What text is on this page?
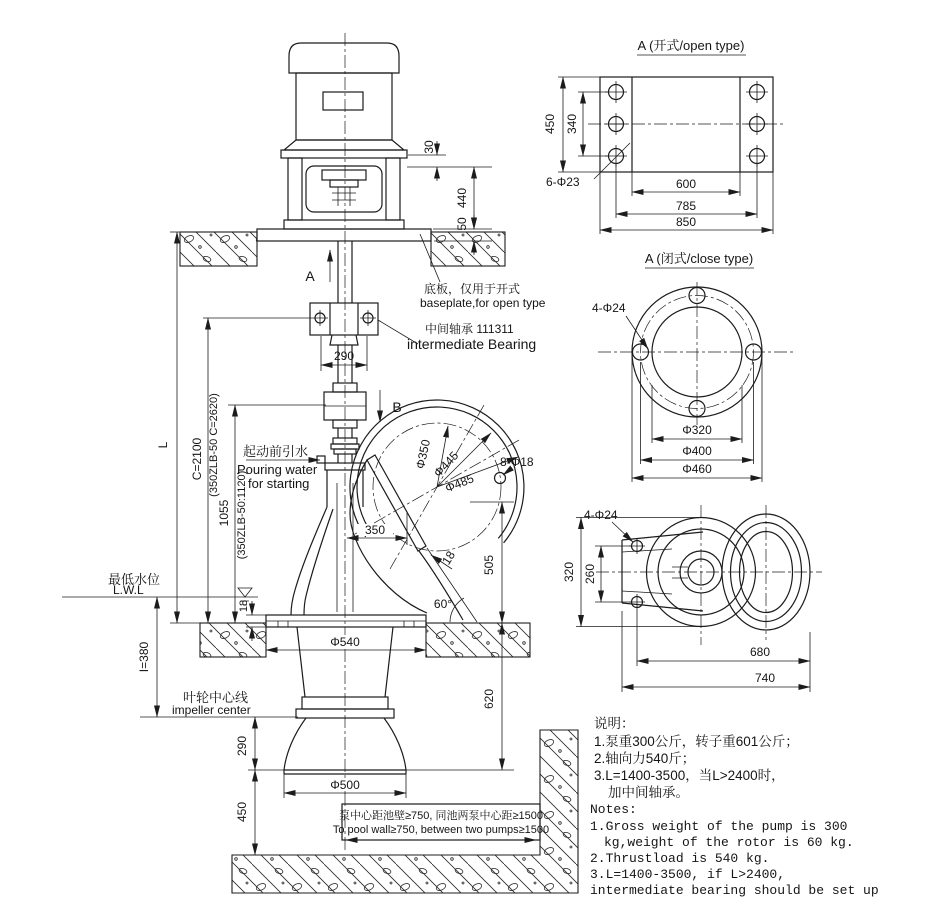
Φ350
Φ445
Φ485
8-Φ18
A
B
底板，仅用于开式
baseplate,for open type
中间轴承 111311
intermediate Bearing
起动前引水
Pouring water
for starting
最低水位
L.W.L
叶轮中心线
impeller center
泵中心距池壁≥750, 同池两泵中心距≥1500
To pool wall≥750, between two pumps≥1500
30
440
50
290
L C=2100 (350ZLB-50 C=2620)
1055 (350ZLB-50:1120)
I=380
18
350
18
60°
505
620
Φ540
290
450
Φ500
A (开式/open type)
450 340
6-Φ23	600
785
850
A (闭式/close type)
4-Φ24
Φ320
Φ400
Φ460
4-Φ24
320 260
680
740
说明：
1.泵重300公斤，转子重601公斤；
2.轴向力540斤；
3.L=1400-3500，当L>2400时，
加中间轴承。
Notes:
1.Gross weight of the pump is 300
kg,weight of the rotor is 60 kg.
2.Thrustload is 540 kg.
3.L=1400-3500, if L>2400,
intermediate bearing should be set up
